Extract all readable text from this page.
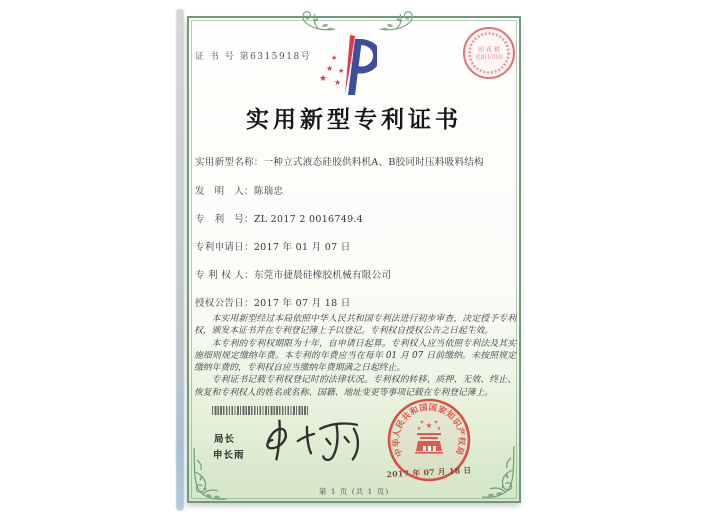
证 书 号 第6315918号
★
★
★
★
★
实用新型专利证书
实用新型名称：一种立式液态硅胶供料机A、B胶同时压料吸料结构
发　明　人：陈瑞忠
专　利　号：ZL 2017 2 0016749.4
专利申请日：2017 年 01 月 07 日
专 利 权 人：东莞市捷晨硅橡胶机械有限公司
授权公告日：2017 年 07 月 18 日

本实用新型经过本局依照中华人民共和国专利法进行初步审查，决定授予专利权，颁发本证书并在专利登记簿上予以登记。专利权自授权公告之日起生效。

本专利的专利权期限为十年，自申请日起算。专利权人应当依照专利法及其实施细则规定缴纳年费。本专利的年费应当在每年 01 月 07 日前缴纳。未按照规定缴纳年费的，专利权自应当缴纳年费期满之日起终止。

专利证书记载专利权登记时的法律状况。专利权的转移、质押、无效、终止、恢复和专利权人的姓名或名称、国籍、地址变更等事项记载在专利登记簿上。

局长
申长雨	中华人民共和国国家知识产权局
★
★	★
★ ★
2017 年 07 月 18 日
第 1 页 (共 1 页)
印 花 税
代扣专用章
